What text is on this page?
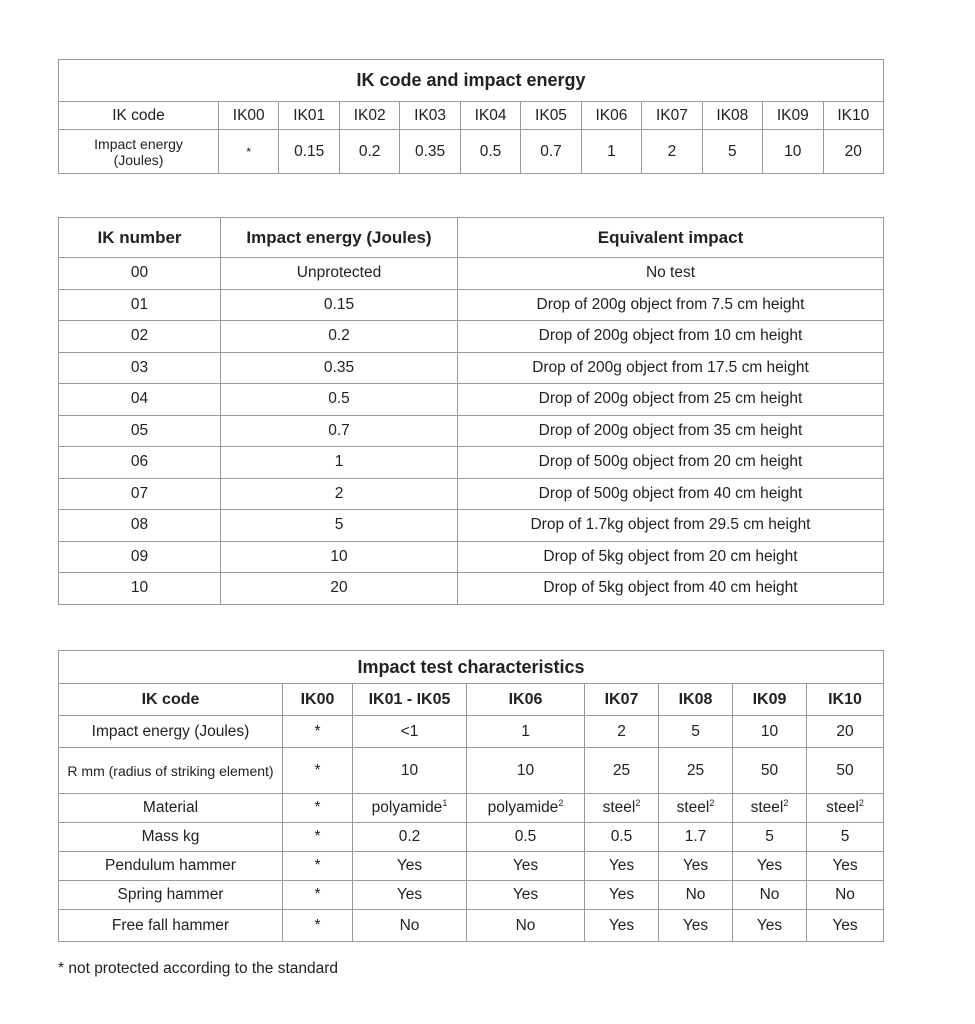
IK code and impact energy											
IK code	IK00	IK01	IK02	IK03	IK04	IK05	IK06	IK07	IK08	IK09	IK10

Impact energy
(Joules)	*	0.15	0.2	0.35	0.5	0.7	1	2	5	10	20
IK number	Impact energy (Joules)	Equivalent impact
00	Unprotected	No test
01	0.15	Drop of 200g object from 7.5 cm height
02	0.2	Drop of 200g object from 10 cm height
03	0.35	Drop of 200g object from 17.5 cm height
04	0.5	Drop of 200g object from 25 cm height
05	0.7	Drop of 200g object from 35 cm height
06	1	Drop of 500g object from 20 cm height
07	2	Drop of 500g object from 40 cm height
08	5	Drop of 1.7kg object from 29.5 cm height
09	10	Drop of 5kg object from 20 cm height
10	20	Drop of 5kg object from 40 cm height
Impact test characteristics							
IK code	IK00	IK01 - IK05	IK06	IK07	IK08	IK09	IK10
Impact energy (Joules)	*	<1	1	2	5	10	20
R mm (radius of striking element)	*	10	10	25	25	50	50
Material	*	polyamide$^1$	polyamide$^2$	steel$^2$	steel$^2$	steel$^2$	steel$^2$
Mass kg	*	0.2	0.5	0.5	1.7	5	5
Pendulum hammer	*	Yes	Yes	Yes	Yes	Yes	Yes
Spring hammer	*	Yes	Yes	Yes	No	No	No
Free fall hammer	*	No	No	Yes	Yes	Yes	Yes
* not protected according to the standard
